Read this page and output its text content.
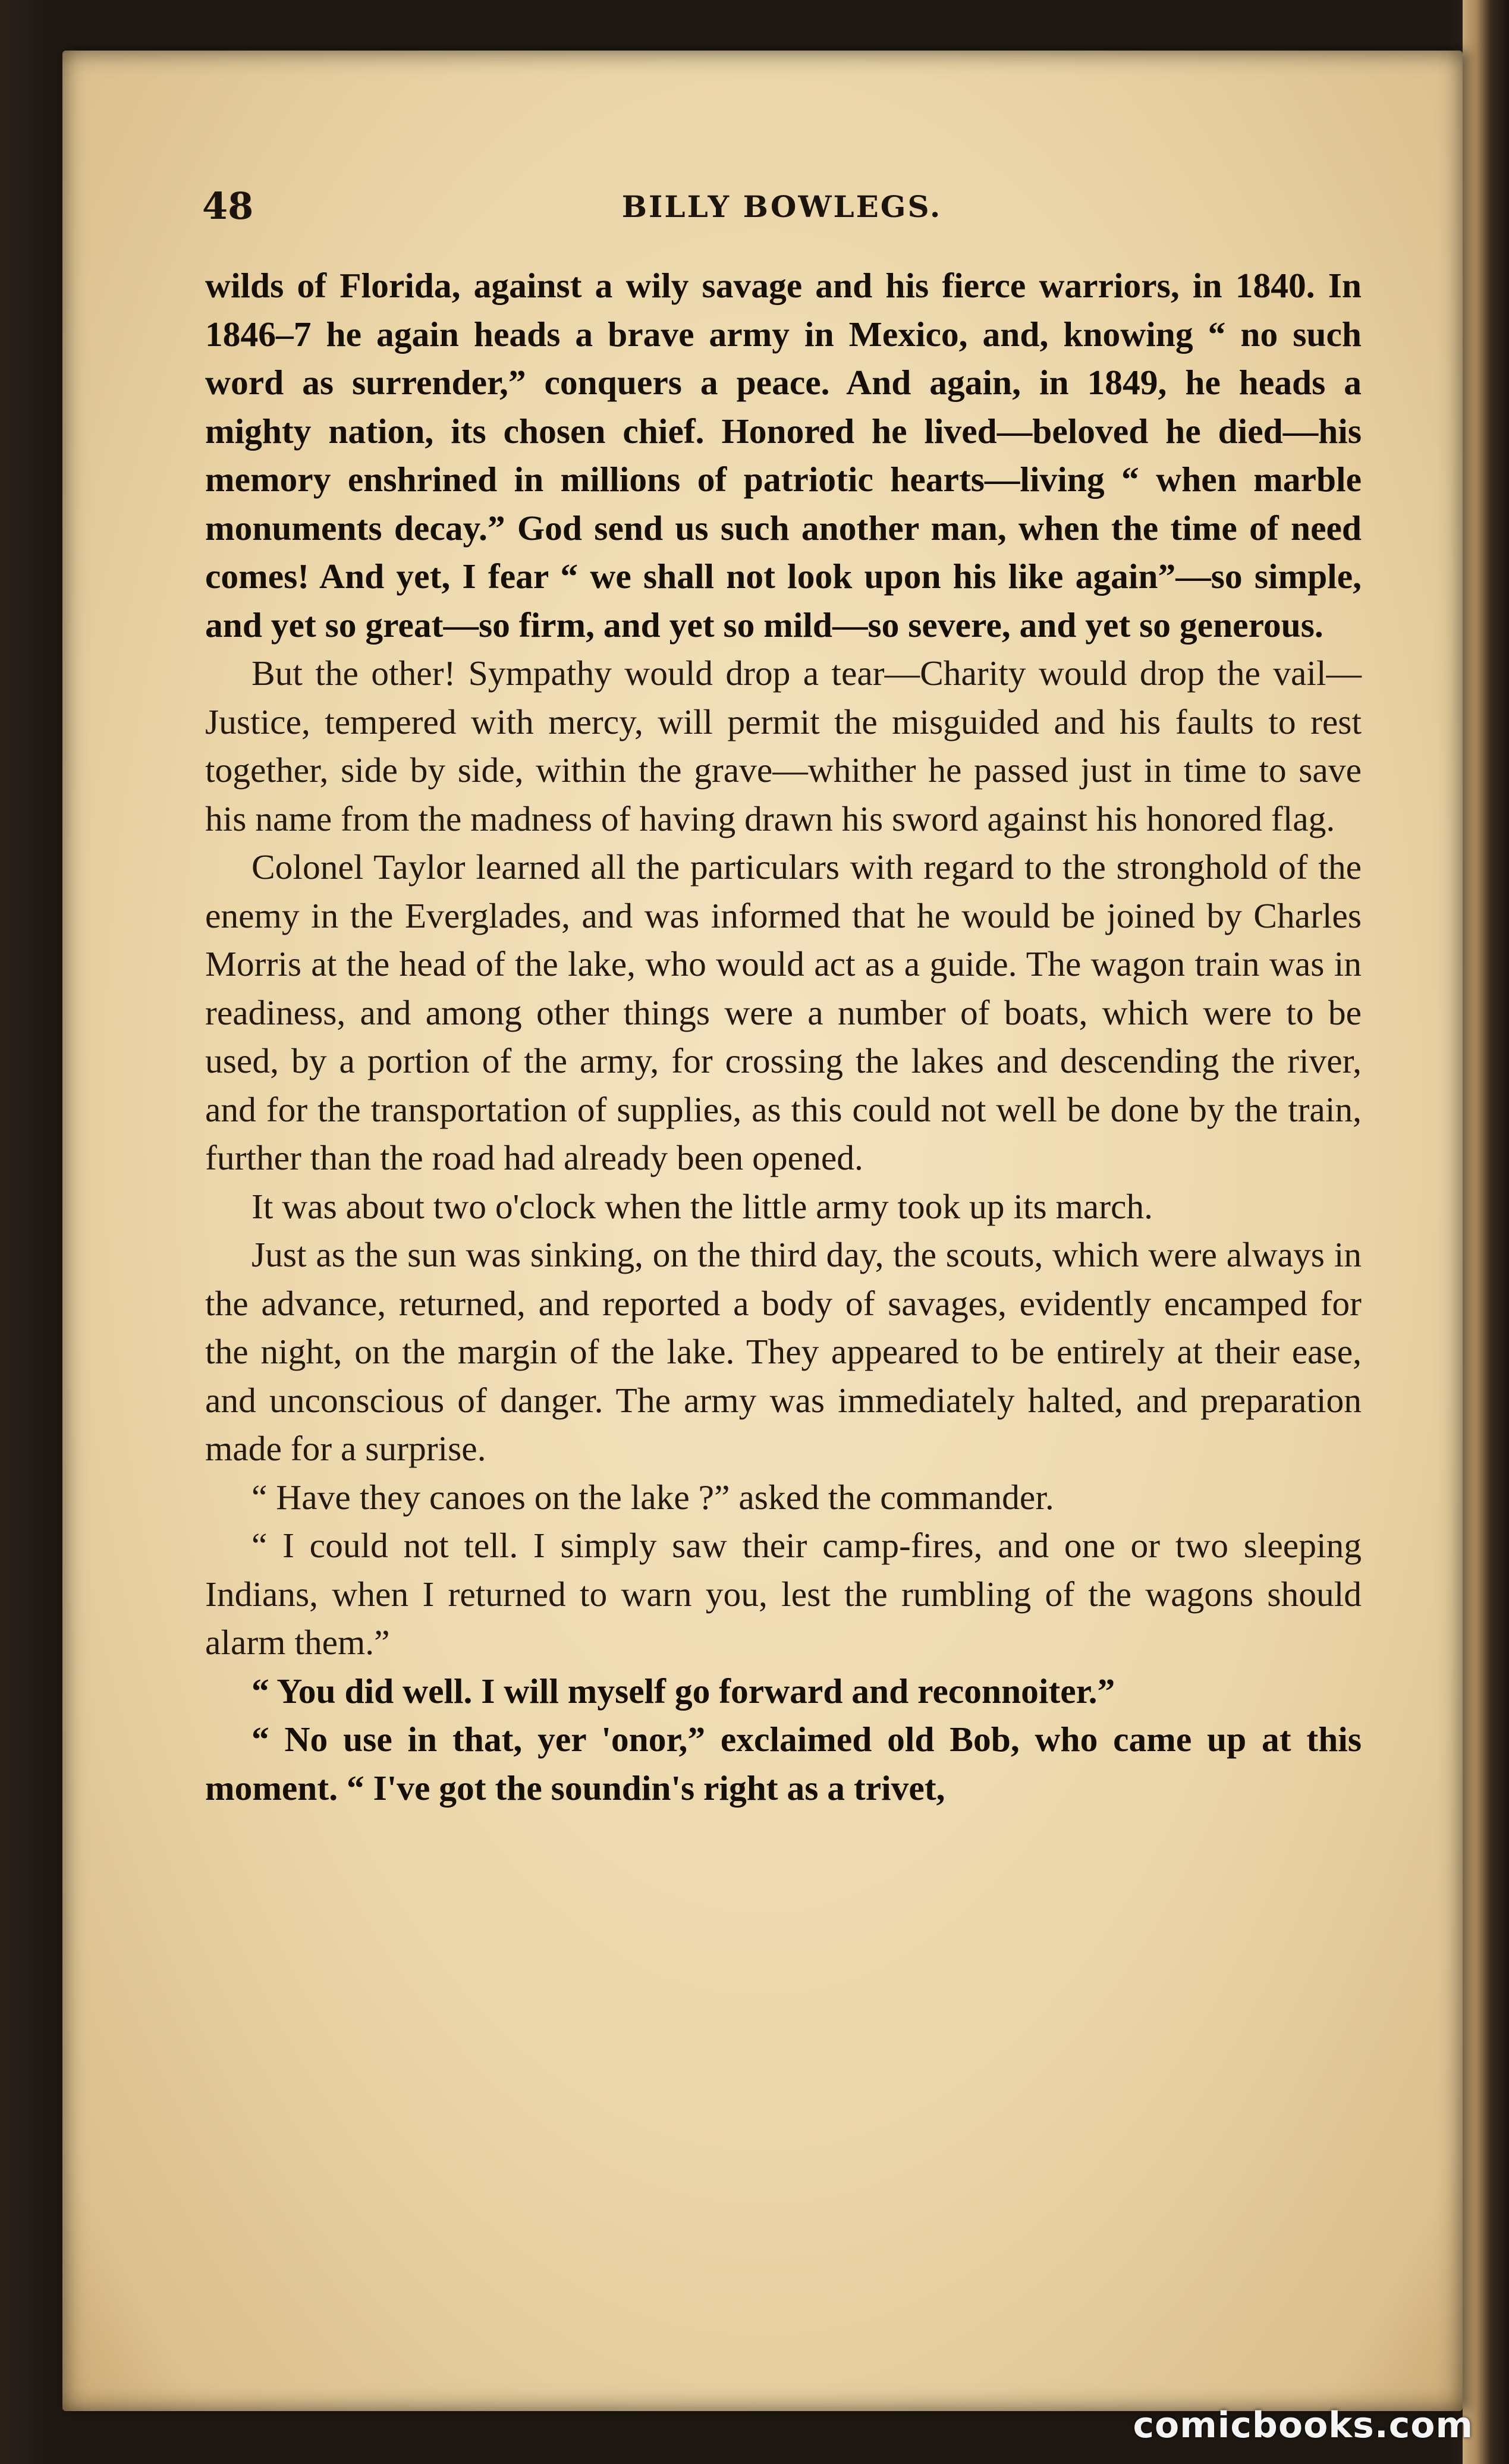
48	BILLY BOWLEGS.

wilds of Florida, against a wily savage and his fierce warriors, in 1840. In 1846–7 he again heads a brave army in Mexico, and, knowing “ no such word as surrender,” conquers a peace. And again, in 1849, he heads a mighty nation, its chosen chief. Honored he lived—beloved he died—his memory enshrined in millions of patriotic hearts—living “ when marble monuments decay.” God send us such another man, when the time of need comes! And yet, I fear “ we shall not look upon his like again”—so simple, and yet so great—so firm, and yet so mild—so severe, and yet so generous.

But the other! Sympathy would drop a tear—Charity would drop the vail—Justice, tempered with mercy, will permit the misguided and his faults to rest together, side by side, within the grave—whither he passed just in time to save his name from the madness of having drawn his sword against his honored flag.

Colonel Taylor learned all the particulars with regard to the stronghold of the enemy in the Everglades, and was informed that he would be joined by Charles Morris at the head of the lake, who would act as a guide. The wagon train was in readiness, and among other things were a number of boats, which were to be used, by a portion of the army, for crossing the lakes and descending the river, and for the transportation of supplies, as this could not well be done by the train, further than the road had already been opened.

It was about two o'clock when the little army took up its march.

Just as the sun was sinking, on the third day, the scouts, which were always in the advance, returned, and reported a body of savages, evidently encamped for the night, on the margin of the lake. They appeared to be entirely at their ease, and unconscious of danger. The army was immediately halted, and preparation made for a surprise.

“ Have they canoes on the lake ?” asked the commander.

“ I could not tell. I simply saw their camp-fires, and one or two sleeping Indians, when I returned to warn you, lest the rumbling of the wagons should alarm them.”

“ You did well. I will myself go forward and reconnoiter.”

“ No use in that, yer 'onor,” exclaimed old Bob, who came up at this moment. “ I've got the soundin's right as a trivet,

comicbooks.com
